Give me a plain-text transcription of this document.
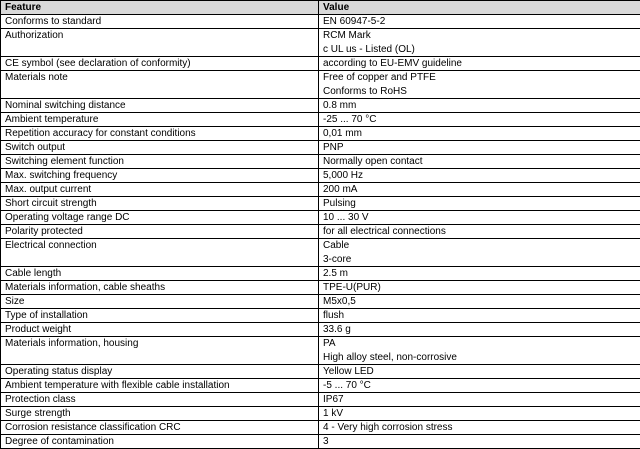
Feature	Value
Conforms to standard	EN 60947-5-2

Authorization	RCM Mark
c UL us - Listed (OL)

CE symbol (see declaration of conformity)	according to EU-EMV guideline

Materials note	Free of copper and PTFE
Conforms to RoHS

Nominal switching distance	0.8 mm

Ambient temperature	-25 ... 70 °C

Repetition accuracy for constant conditions	0,01 mm

Switch output	PNP

Switching element function	Normally open contact

Max. switching frequency	5,000 Hz

Max. output current	200 mA

Short circuit strength	Pulsing

Operating voltage range DC	10 ... 30 V

Polarity protected	for all electrical connections

Electrical connection	Cable
3-core

Cable length	2.5 m

Materials information, cable sheaths	TPE-U(PUR)

Size	M5x0,5

Type of installation	flush

Product weight	33.6 g

Materials information, housing	PA
High alloy steel, non-corrosive

Operating status display	Yellow LED

Ambient temperature with flexible cable installation	-5 ... 70 °C

Protection class	IP67

Surge strength	1 kV

Corrosion resistance classification CRC	4 - Very high corrosion stress

Degree of contamination	3
